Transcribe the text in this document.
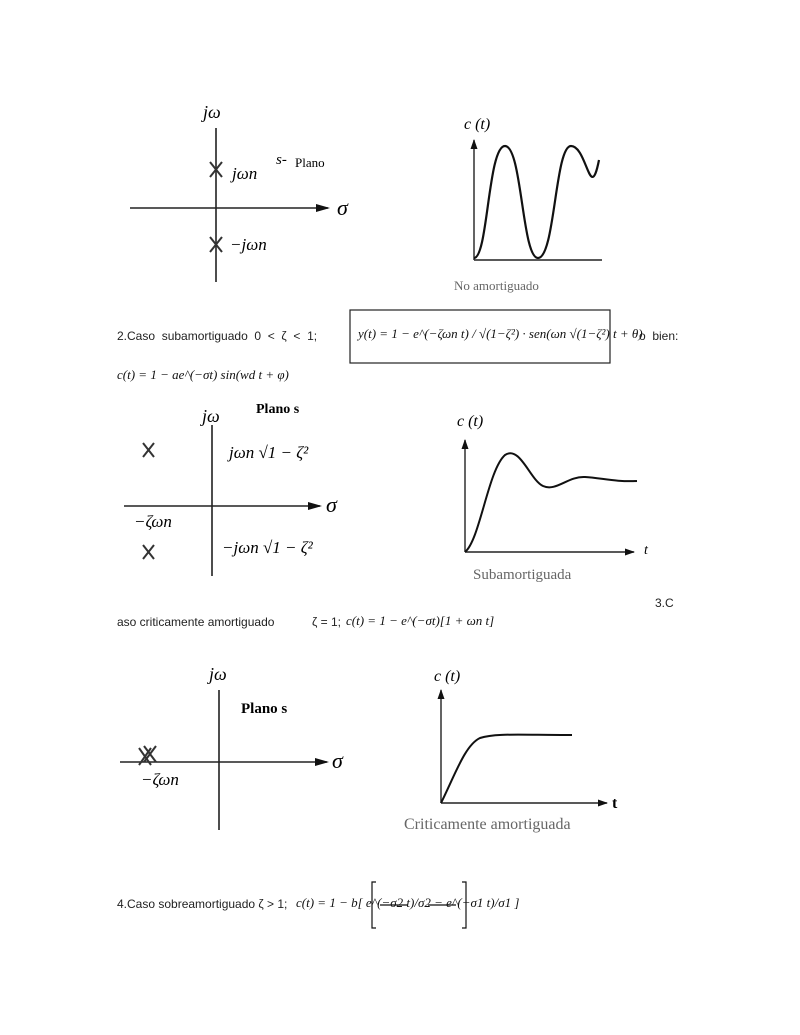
jω
jωn
s- Plano
σ
−jωn
c (t)
No amortiguado
2.Caso  subamortiguado  0  <  ζ  <  1;	y(t) = 1 − e^(−ζωn t) / √(1−ζ²) · sen(ωn √(1−ζ²) t + θ)
o  bien:
c(t) = 1 − ae^(−σt) sin(wd t + φ)
Plano s
jω
jωn √1 − ζ²
σ
−ζωn
−jωn √1 − ζ²
c (t)
t
Subamortiguada
3.C
aso criticamente amortiguado	ζ = 1; c(t) = 1 − e^(−σt)[1 + ωn t]
jω
Plano s
σ
−ζωn
c (t)
t
Criticamente amortiguada
4.Caso sobreamortiguado ζ > 1; c(t) = 1 − b[ e^(−σ2 t)/σ2 − e^(−σ1 t)/σ1 ]
